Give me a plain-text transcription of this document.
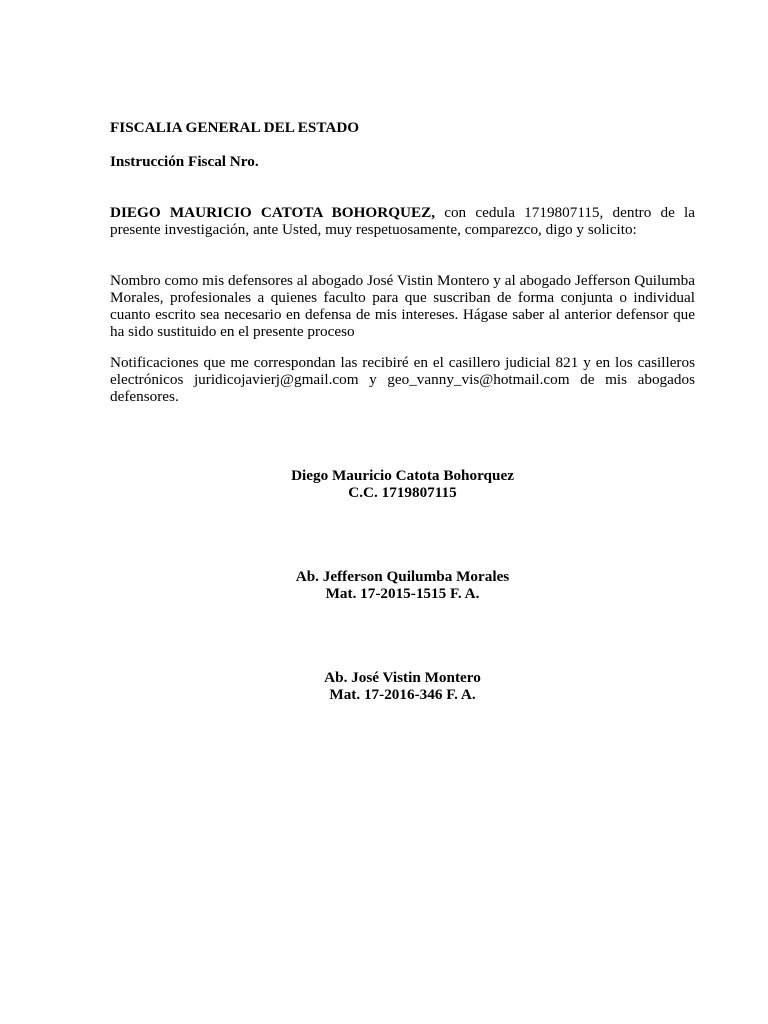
FISCALIA GENERAL DEL ESTADO

Instrucción Fiscal Nro.

DIEGO MAURICIO CATOTA BOHORQUEZ, con cedula 1719807115, dentro de la presente investigación, ante Usted, muy respetuosamente, comparezco, digo y solicito:

Nombro como mis defensores al abogado José Vistin Montero y al abogado Jefferson Quilumba Morales, profesionales a quienes faculto para que suscriban de forma conjunta o individual cuanto escrito sea necesario en defensa de mis intereses. Hágase saber al anterior defensor que ha sido sustituido en el presente proceso

Notificaciones que me correspondan las recibiré en el casillero judicial 821 y en los casilleros electrónicos juridicojavierj@gmail.com y geo_vanny_vis@hotmail.com de mis abogados defensores.

Diego Mauricio Catota Bohorquez
C.C. 1719807115
Ab. Jefferson Quilumba Morales
Mat. 17-2015-1515 F. A.
Ab. José Vistin Montero
Mat. 17-2016-346 F. A.
